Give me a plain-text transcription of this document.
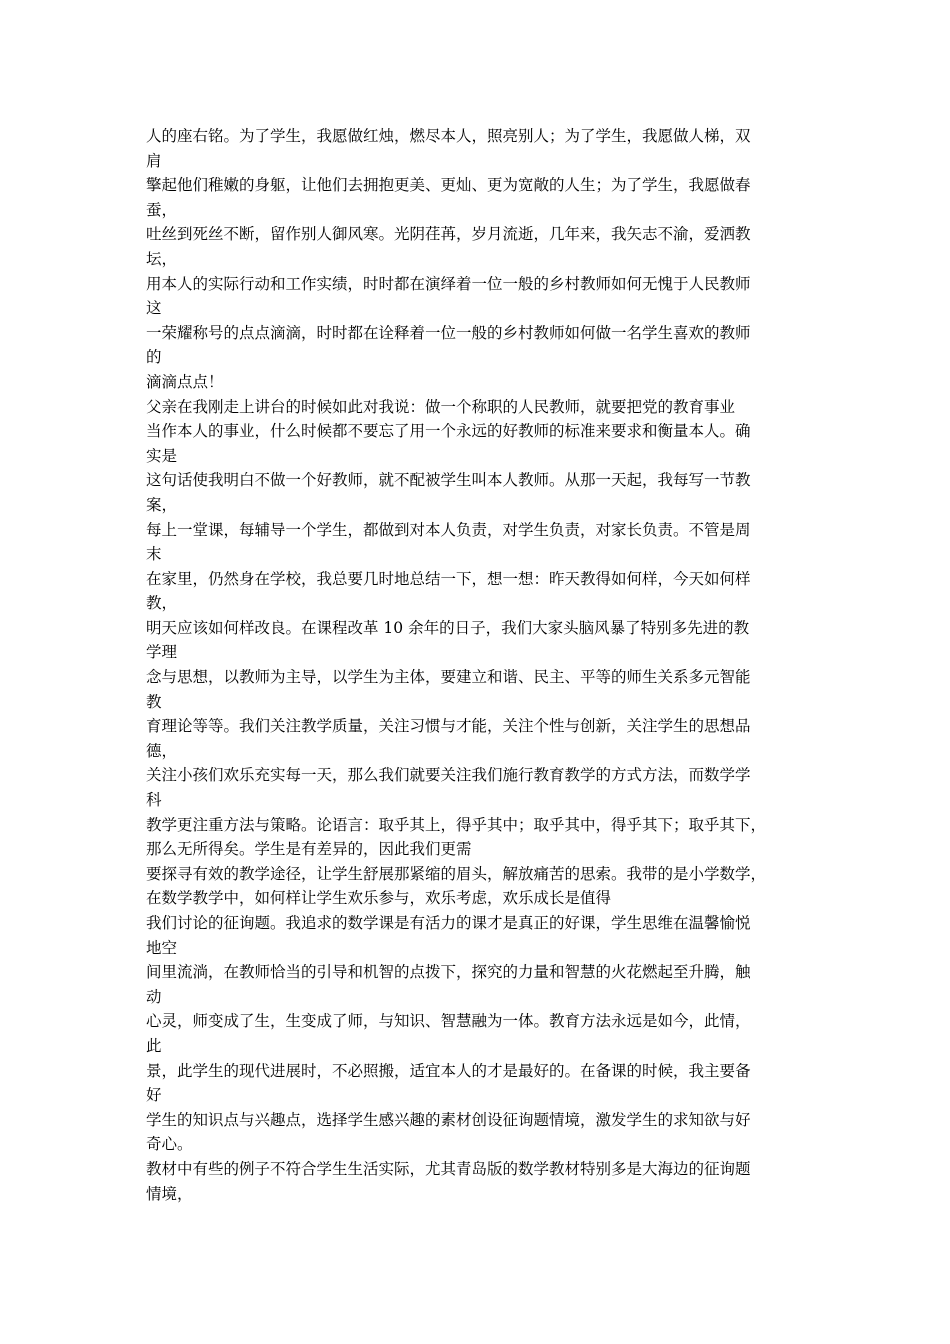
人的座右铭。为了学生，我愿做红烛，燃尽本人，照亮别人；为了学生，我愿做人梯，双
肩
擎起他们稚嫩的身躯，让他们去拥抱更美、更灿、更为宽敞的人生；为了学生，我愿做春
蚕，
吐丝到死丝不断，留作别人御风寒。光阴荏苒，岁月流逝，几年来，我矢志不渝，爱洒教
坛，
用本人的实际行动和工作实绩，时时都在演绎着一位一般的乡村教师如何无愧于人民教师
这
一荣耀称号的点点滴滴，时时都在诠释着一位一般的乡村教师如何做一名学生喜欢的教师
的
滴滴点点！
父亲在我刚走上讲台的时候如此对我说：做一个称职的人民教师，就要把党的教育事业
当作本人的事业，什么时候都不要忘了用一个永远的好教师的标准来要求和衡量本人。确
实是
这句话使我明白不做一个好教师，就不配被学生叫本人教师。从那一天起，我每写一节教
案，
每上一堂课，每辅导一个学生，都做到对本人负责，对学生负责，对家长负责。不管是周
末
在家里，仍然身在学校，我总要几时地总结一下，想一想：昨天教得如何样，今天如何样
教，
明天应该如何样改良。在课程改革 10 余年的日子，我们大家头脑风暴了特别多先进的教
学理
念与思想，以教师为主导，以学生为主体，要建立和谐、民主、平等的师生关系多元智能
教
育理论等等。我们关注教学质量，关注习惯与才能，关注个性与创新，关注学生的思想品
德，
关注小孩们欢乐充实每一天，那么我们就要关注我们施行教育教学的方式方法，而数学学
科
教学更注重方法与策略。论语言：取乎其上，得乎其中；取乎其中，得乎其下；取乎其下，
那么无所得矣。学生是有差异的，因此我们更需
要探寻有效的教学途径，让学生舒展那紧缩的眉头，解放痛苦的思索。我带的是小学数学，
在数学教学中，如何样让学生欢乐参与，欢乐考虑，欢乐成长是值得
我们讨论的征询题。我追求的数学课是有活力的课才是真正的好课，学生思维在温馨愉悦
地空
间里流淌，在教师恰当的引导和机智的点拨下，探究的力量和智慧的火花燃起至升腾，触
动
心灵，师变成了生，生变成了师，与知识、智慧融为一体。教育方法永远是如今，此情，
此
景，此学生的现代进展时，不必照搬，适宜本人的才是最好的。在备课的时候，我主要备
好
学生的知识点与兴趣点，选择学生感兴趣的素材创设征询题情境，激发学生的求知欲与好
奇心。
教材中有些的例子不符合学生生活实际，尤其青岛版的数学教材特别多是大海边的征询题
情境，
